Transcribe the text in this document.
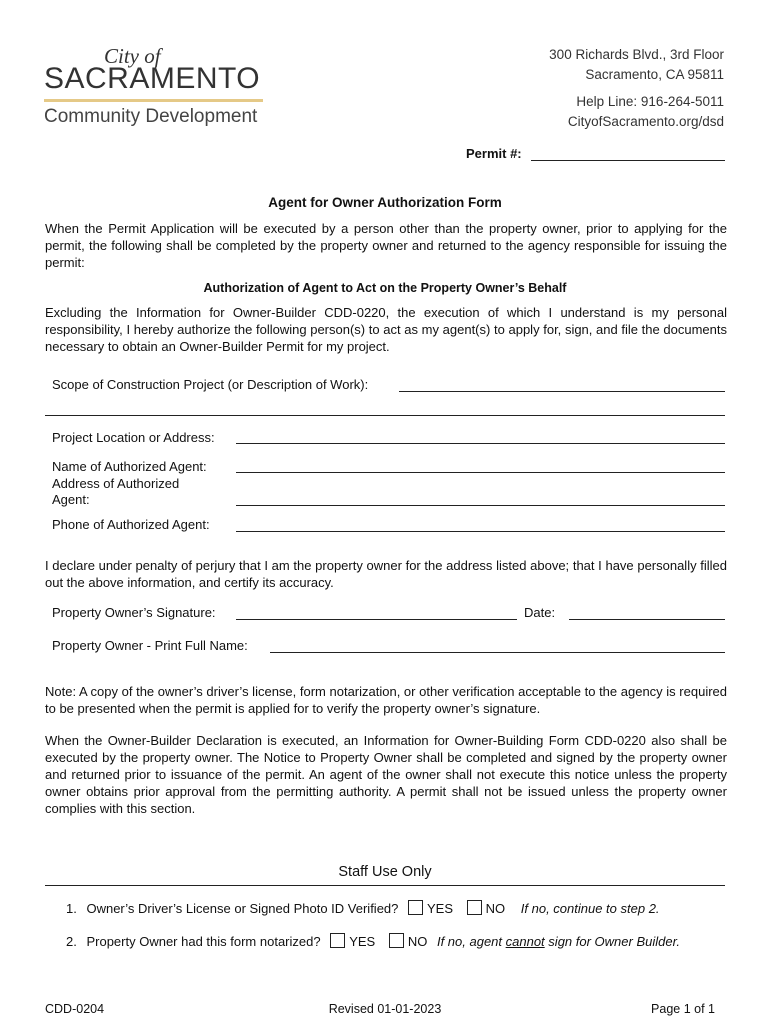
City of
SACRAMENTO
Community Development
300 Richards Blvd., 3rd Floor
Sacramento, CA 95811
Help Line: 916-264-5011
CityofSacramento.org/dsd
Permit #:
Agent for Owner Authorization Form
When the Permit Application will be executed by a person other than the property owner, prior to applying for the permit, the following shall be completed by the property owner and returned to the agency responsible for issuing the permit:
Authorization of Agent to Act on the Property Owner’s Behalf
Excluding the Information for Owner-Builder CDD-0220, the execution of which I understand is my personal responsibility, I hereby authorize the following person(s) to act as my agent(s) to apply for, sign, and file the documents necessary to obtain an Owner-Builder Permit for my project.
Scope of Construction Project (or Description of Work):
Project Location or Address:
Name of Authorized Agent:
Address of Authorized
Agent:
Phone of Authorized Agent:
I declare under penalty of perjury that I am the property owner for the address listed above; that I have personally filled out the above information, and certify its accuracy.
Property Owner’s Signature:	Date:
Property Owner - Print Full Name:
Note: A copy of the owner’s driver’s license, form notarization, or other verification acceptable to the agency is required to be presented when the permit is applied for to verify the property owner’s signature.
When the Owner-Builder Declaration is executed, an Information for Owner-Building Form CDD-0220 also shall be executed by the property owner. The Notice to Property Owner shall be completed and signed by the property owner and returned prior to issuance of the permit. An agent of the owner shall not execute this notice unless the property owner obtains prior approval from the permitting authority. A permit shall not be issued unless the property owner complies with this section.
Staff Use Only
1. Owner’s Driver’s License or Signed Photo ID Verified? YES	NO If no, continue to step 2.
2. Property Owner had this form notarized? YES	NO If no, agent cannot sign for Owner Builder.
CDD-0204	Revised 01-01-2023	Page 1 of 1
